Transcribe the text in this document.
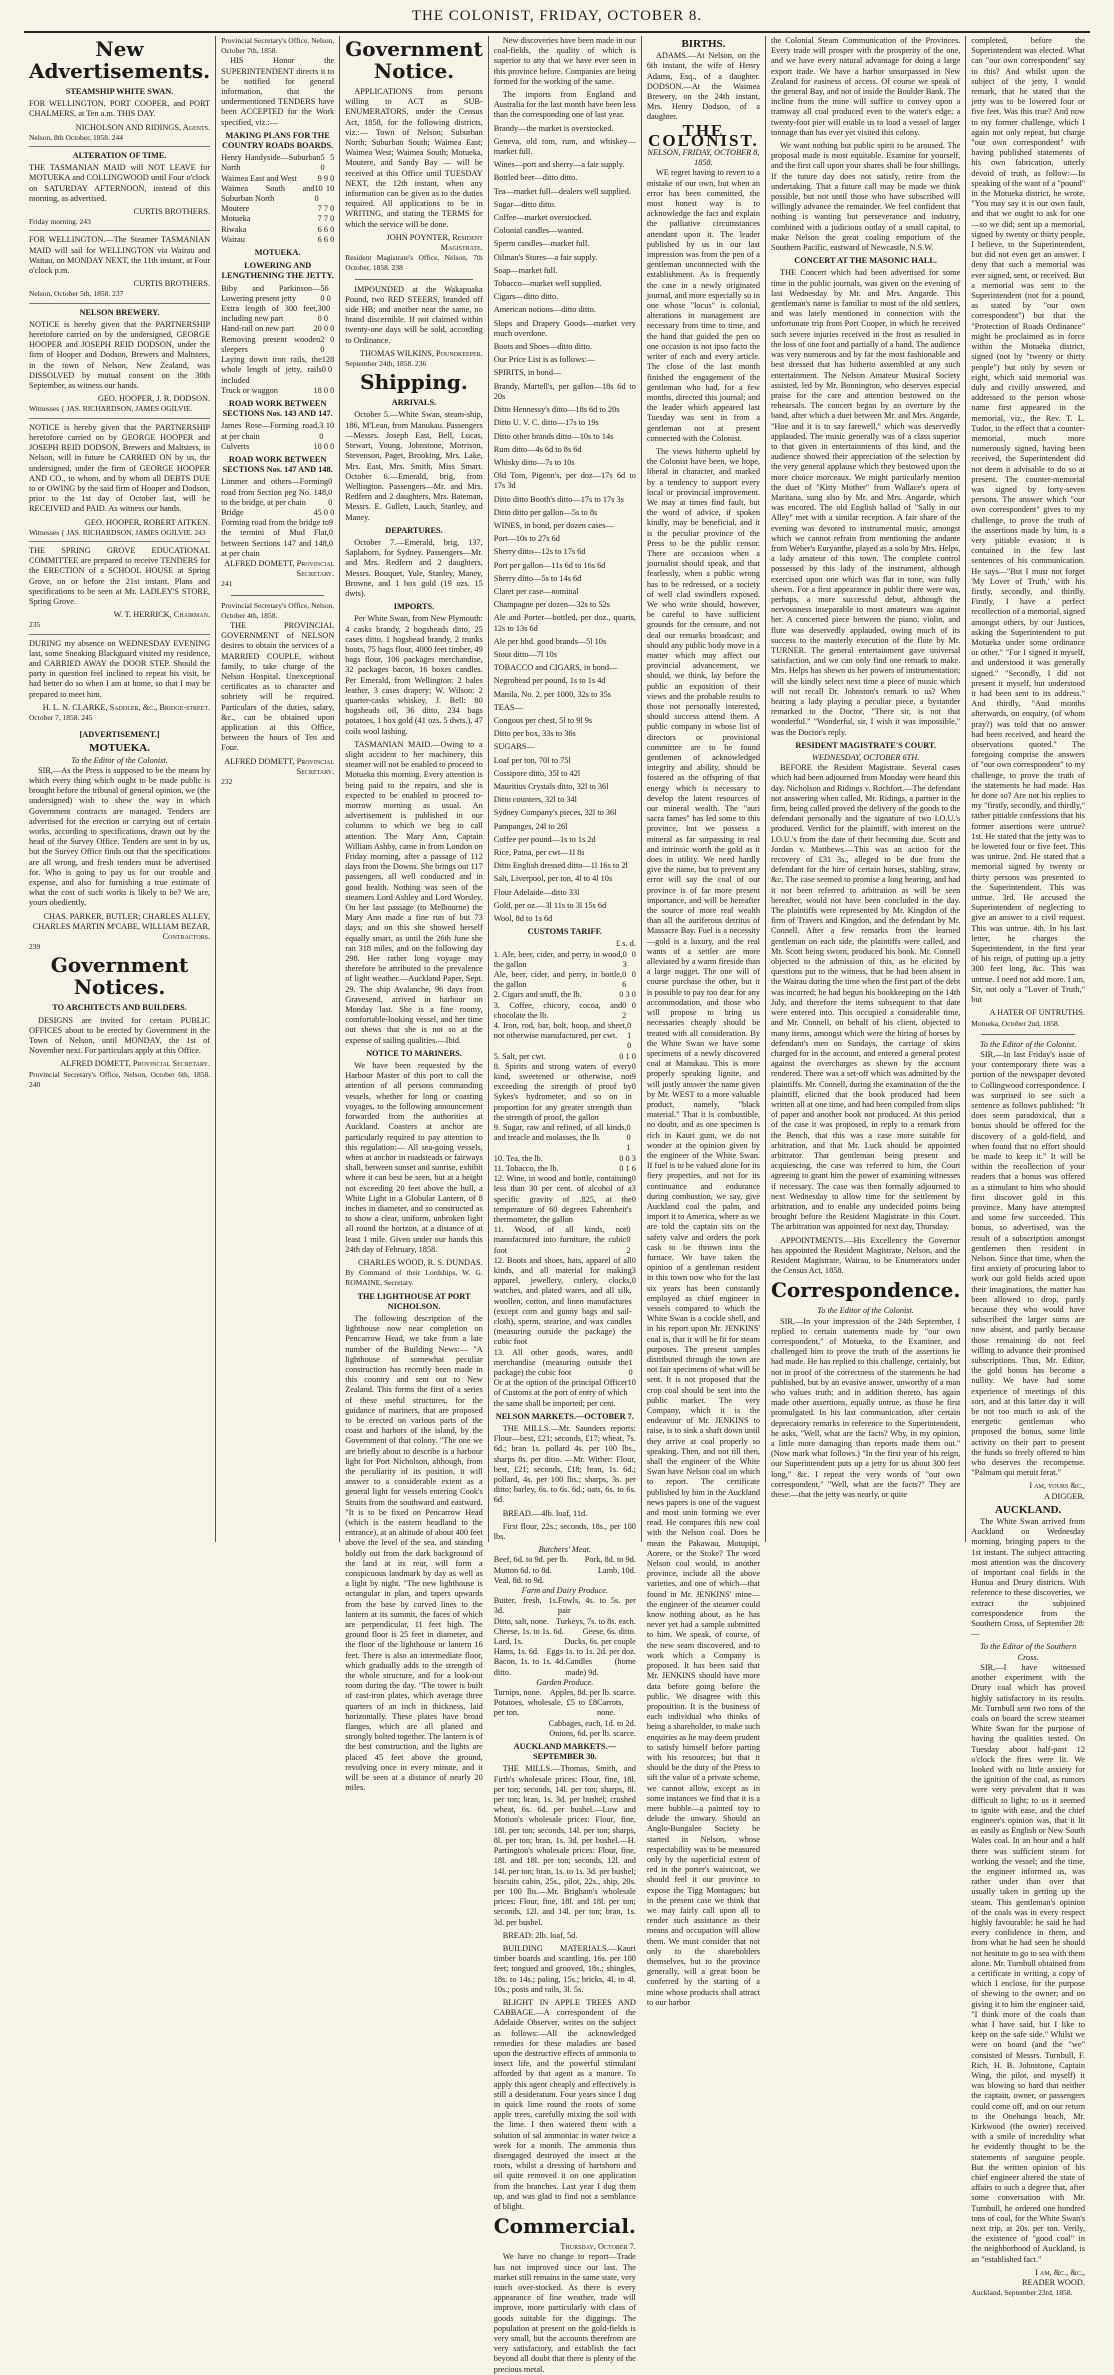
THE COLONIST, FRIDAY, OCTOBER 8.
New Advertisements.
STEAMSHIP WHITE SWAN.
FOR WELLINGTON, PORT COOPER, and PORT CHALMERS, at Ten a.m. THIS DAY.
NICHOLSON AND RIDINGS, Agents.
Nelson, 8th October, 1858. 244
ALTERATION OF TIME.
THE TASMANIAN MAID will NOT LEAVE for MOTUEKA and COLLINGWOOD until Four o'clock on SATURDAY AFTERNOON, instead of this morning, as advertised.
CURTIS BROTHERS.
Friday morning. 243
FOR WELLINGTON.—The Steamer TASMANIAN MAID will sail for WELLINGTON via Wairau and Waitau, on MONDAY NEXT, the 11th instant, at Four o'clock p.m.
CURTIS BROTHERS.
Nelson, October 5th, 1858. 237
NELSON BREWERY.
NOTICE is hereby given that the PARTNERSHIP heretofore carried on by the undersigned, GEORGE HOOPER and JOSEPH REID DODSON, under the firm of Hooper and Dodson, Brewers and Maltsters, in the town of Nelson, New Zealand, was DISSOLVED by mutual consent on the 30th September, as witness our hands.
GEO. HOOPER, J. R. DODSON.
Witnesses { JAS. RICHARDSON, JAMES OGILVIE.
NOTICE is hereby given that the PARTNERSHIP heretofore carried on by GEORGE HOOPER and JOSEPH REID DODSON, Brewers and Maltsters, in Nelson, will in future be CARRIED ON by us, the undersigned, under the firm of GEORGE HOOPER AND CO., to whom, and by whom all DEBTS DUE to or OWING by the said firm of Hooper and Dodson, prior to the 1st day of October last, will be RECEIVED and PAID. As witness our hands.
GEO. HOOPER, ROBERT AITKEN.
Witnesses { JAS. RICHARDSON, JAMES OGILVIE. 243
THE SPRING GROVE EDUCATIONAL COMMITTEE are prepared to receive TENDERS for the ERECTION of a SCHOOL HOUSE at Spring Grove, on or before the 21st instant. Plans and specifications to be seen at Mr. LADLEY'S STORE, Spring Grove.
W. T. HERRICK, Chairman.
235
DURING my absence on WEDNESDAY EVENING last, some Sneaking Blackguard visited my residence, and CARRIED AWAY the DOOR STEP. Should the party in question feel inclined to repeat his visit, he had better do so when I am at home, so that I may be prepared to meet him.
H. L. N. CLARKE, Saddler, &c., Bridge-street.
October 7, 1858. 245
[ADVERTISEMENT.]
MOTUEKA.
To the Editor of the Colonist.
SIR,—As the Press is supposed to be the means by which every thing which ought to be made public is brought before the tribunal of general opinion, we (the undersigned) wish to shew the way in which Government contracts are managed. Tenders are advertised for the erection or carrying out of certain works, according to specifications, drawn out by the head of the Survey Office. Tenders are sent in by us, but the Survey Office finds out that the specifications are all wrong, and fresh tenders must be advertised for. Who is going to pay us for our trouble and expense, and also for furnishing a true estimate of what the cost of such works is likely to be? We are, yours obediently,
CHAS. PARKER, BUTLER; CHARLES ALLEY, CHARLES MARTIN M'CABE, WILLIAM BEZAR, Contractors.
239
Government Notices.
TO ARCHITECTS AND BUILDERS.
DESIGNS are invited for certain PUBLIC OFFICES about to be erected by Government in the Town of Nelson, until MONDAY, the 1st of November next. For particulars apply at this Office.
ALFRED DOMETT, Provincial Secretary.
Provincial Secretary's Office, Nelson, October 6th, 1858. 240
Provincial Secretary's Office, Nelson, October 7th, 1858.
HIS Honor the SUPERINTENDENT directs it to be notified for general information, that the undermentioned TENDERS have been ACCEPTED for the Work specified, viz.:—
MAKING PLANS FOR THE COUNTRY ROADS BOARDS.
Henry Handyside—Suburban North
5 5 0
Waimea East and West	9 9 0
Waimea South and Suburban North
10 10 0
Moutere	7 7 0
Motueka	7 7 0
Riwaka	6 6 0
Wairau	6 6 0
MOTUEKA.
LOWERING AND LENGTHENING THE JETTY.
Biby and Parkinson—Lowering present jetty
56 0 0
Extra length of 300 feet, including new part
300 0 0
Hand-rail on new part 20 0 0
Removing present wooden sleepers
2 0 0
Laying down iron rails, the whole length of jetty, rails included
128 0 0
Truck or waggon	18 0 0
ROAD WORK BETWEEN SECTIONS Nos. 143 AND 147.
James Rose—Forming road, at per chain
3 10 0
Culverts	10 0 0
ROAD WORK BETWEEN SECTIONS Nos. 147 AND 148.
Limmer and others—Forming road from Section peg No. 148, to the bridge, at per chain
0 0 0
Bridge	45 0 0
Forming road from the bridge to the termini of Mud Flat, between Sections 147 and 148, at per chain
9 0 0
ALFRED DOMETT, Provincial Secretary.
241
Provincial Secretary's Office, Nelson, October 4th, 1858.
THE PROVINCIAL GOVERNMENT of NELSON desires to obtain the services of a MARRIED COUPLE, without family, to take charge of the Nelson Hospital. Unexceptional certificates as to character and sobriety will be required. Particulars of the duties, salary, &c., can be obtained upon application at this Office, between the hours of Ten and Four.
ALFRED DOMETT, Provincial Secretary.
232
Government Notice.
APPLICATIONS from persons willing to ACT as SUB-ENUMERATORS, under the Census Act, 1858, for the following districts, viz.:— Town of Nelson; Suburban North; Suburban South; Waimea East; Waimea West; Waimea South; Motueka, Moutere, and Sandy Bay — will be received at this Office until TUESDAY NEXT, the 12th instant, when any information can be given as to the duties required. All applications to be in WRITING, and stating the TERMS for which the service will be done.
JOHN POYNTER, Resident Magistrate.
Resident Magistrate's Office, Nelson, 7th October, 1858. 238
IMPOUNDED at the Wakapuaka Pound, two RED STEERS, branded off side HB; and another near the same, no brand discernible. If not claimed within twenty-one days will be sold, according to Ordinance.
THOMAS WILKINS, Poundkeeper.
September 24th, 1858. 236
Shipping.
ARRIVALS.
October 5.—White Swan, steam-ship, 186, M'Lean, from Manukau. Passengers—Messrs. Joseph East, Bell, Lucas, Stewart, Young, Johnstone, Morrison, Stevenson, Paget, Brooking, Mrs. Lake, Mrs. East, Mrs. Smith, Miss Smart. October 6.—Emerald, brig, from Wellington. Passengers—Mr. and Mrs. Redfern and 2 daughters, Mrs. Bateman, Messrs. E. Gullett, Lauch, Stanley, and Maney.
DEPARTURES.
October 7.—Emerald, brig, 137, Saplaborn, for Sydney. Passengers—Mr. and Mrs. Redfern and 2 daughters, Messrs. Bouquet, Yule, Stanley, Maney, Browne, and 1 box gold (19 ozs. 15 dwts).
IMPORTS.
Per White Swan, from New Plymouth: 4 casks brandy, 2 hogsheads ditto, 25 cases ditto, 1 hogshead brandy, 2 trunks boots, 75 bags flour, 4000 feet timber, 49 bags flour, 106 packages merchandise, 32 packages bacon, 16 boxes candles. Per Emerald, from Wellington: 2 bales leather, 3 cases drapery; W. Wilson: 2 quarter-casks whiskey, J. Bell: 80 hogsheads oil, 36 ditto, 234 bags potatoes, 1 box gold (41 ozs. 5 dwts.), 47 coils wool lashing.
TASMANIAN MAID.—Owing to a slight accident to her machinery, this steamer will not be enabled to proceed to Motueka this morning. Every attention is being paid to the repairs, and she is expected to be enabled to proceed to-morrow morning as usual. An advertisement is published in our columns to which we beg to call attention. The Mary Ann, Captain William Ashby, came in from London on Friday morning, after a passage of 112 days from the Downs. She brings out 117 passengers, all well conducted and in good health. Nothing was seen of the steamers Lord Ashley and Lord Worsley. On her last passage (to Melbourne) the Mary Ann made a fine run of but 73 days; and on this she showed herself equally smart, as until the 26th June she ran 318 miles, and on the following day 298. Her rather long voyage may therefore be attributed to the prevalence of light weather.—Auckland Paper, Sept. 29. The ship Avalanche, 96 days from Gravesend, arrived in harbour on Monday last. She is a fine roomy, comfortable-looking vessel, and her time out shews that she is not so at the expense of sailing qualities.—Ibid.
NOTICE TO MARINERS.
We have been requested by the Harbour Master of this port to call the attention of all persons commanding vessels, whether for long or coasting voyages, to the following announcement forwarded from the authorities at Auckland. Coasters at anchor are particularly required to pay attention to this regulation:— All sea-going vessels, when at anchor in roadsteads or fairways shall, between sunset and sunrise, exhibit where it can best be seen, but at a height not exceeding 20 feet above the hull, a White Light in a Globular Lantern, of 8 inches in diameter, and so constructed as to show a clear, uniform, unbroken light all round the horizon, at a distance of at least 1 mile. Given under our hands this 24th day of February, 1858.
CHARLES WOOD, R. S. DUNDAS.
By Command of their Lordships, W. G. ROMAINE, Secretary.
THE LIGHTHOUSE AT PORT NICHOLSON.
The following description of the lighthouse now near completion on Pencarrow Head, we take from a late number of the Building News:— "A lighthouse of somewhat peculiar construction has recently been made in this country and sent out to New Zealand. This forms the first of a series of these useful structures, for the guidance of mariners, that are proposed to be erected on various parts of the coast and harbors of the island, by the Government of that colony. "The one we are briefly about to describe is a harbour light for Port Nicholson, although, from the peculiarity of its position, it will answer to a considerable extent as a general light for vessels entering Cook's Straits from the southward and eastward. "It is to be fixed on Pencarrow Head (which is the eastern headland to the entrance), at an altitude of about 400 feet above the level of the sea, and standing boldly out from the dark background of the land at its rear, will form a conspicuous landmark by day as well as a light by night. "The new lighthouse is octangular in plan, and tapers upwards from the base by curved lines to the lantern at its summit, the faces of which are perpendicular, 11 feet high. The ground floor is 25 feet in diameter, and the floor of the lighthouse or lantern 16 feet. There is also an intermediate floor, which gradually adds to the strength of the whole structure, and for a look-out room during the day. "The tower is built of cast-iron plates, which average three quarters of an inch in thickness, laid horizontally. These plates have broad flanges, which are all planed and strongly bolted together. The lantern is of the best construction, and the lights are placed 45 feet above the ground, revolving once in every minute, and it will be seen at a distance of nearly 20 miles.
New discoveries have been made in our coal-fields, the quality of which is superior to any that we have ever seen in this province before. Companies are being formed for the working of the same.
The imports from England and Australia for the last month have been less than the corresponding one of last year.
Brandy—the market is overstocked.
Geneva, old tom, rum, and whiskey—market full.
Wines—port and sherry—a fair supply.
Bottled beer—ditto ditto.
Tea—market full—dealers well supplied.
Sugar—ditto ditto.
Coffee—market overstocked.
Colonial candles—wanted.
Sperm candles—market full.
Oilman's Stores—a fair supply.
Soap—market full.
Tobacco—market well supplied.
Cigars—ditto ditto.
American notions—ditto ditto.
Slops and Drapery Goods—market very much overdone.
Boots and Shoes—ditto ditto.
Our Price List is as follows:—
SPIRITS, in bond—
Brandy, Martell's, per gallon—18s 6d to 20s
Ditto Hennessy's ditto—18s 6d to 20s
Ditto U. V. C. ditto—17s to 19s
Ditto other brands ditto—10s to 14s
Rum ditto—4s 6d to 8s 6d
Whisky ditto—7s to 10s
Old Tom, Pigeon's, per doz—17s 6d to 17s 3d
Ditto ditto Booth's ditto—17s to 17s 3s
Ditto ditto per gallon—5s to 8s
WINES, in bond, per dozen cases—
Port—10s to 27s 6d
Sherry ditto—12s to 17s 6d
Port per gallon—11s 6d to 16s 6d
Sherry ditto—5s to 14s 6d
Claret per case—nominal
Champagne per dozen—32s to 52s
Ale and Porter—bottled, per doz., quarts, 12s to 13s 6d
Ale per hhd. good brands—5l 10s
Stout ditto—7l 10s
TOBACCO and CIGARS, in bond—
Negrohead per pound, 1s to 1s 4d
Manila, No. 2, per 1000, 32s to 35s
TEAS—
Congous per chest, 5l to 9l 9s
Ditto per box, 33s to 36s
SUGARS—
Loaf per ton, 70l to 75l
Cossipore ditto, 35l to 42l
Mauritius Crystals ditto, 32l to 36l
Ditto counters, 32l to 34l
Sydney Company's pieces, 32l to 36l
Pampanges, 24l to 26l
Coffee per pound—1s to 1s 2d
Rice, Patna, per cwt—1l 8s
Ditto English dressed ditto—1l 16s to 2l
Salt, Liverpool, per ton, 4l to 4l 10s
Flour Adelaide—ditto 33l
Gold, per oz.—3l 11s to 3l 15s 6d
Wool, 8d to 1s 6d
CUSTOMS TARIFF.
£ s. d.
1. Ale, beer, cider, and perry, in wood, the gallon
0 0 3
Ale, beer, cider, and perry, in bottle, the gallon
0 0 6
2. Cigars and snuff, the lb.	0 3 0
3. Coffee, chicory, cocoa, and chocolate the lb.
0 0 2
4. Iron, rod, bar, bolt, hoop, and sheet, not otherwise manufactured, per cwt.
0 1 0
5. Salt, per cwt.	0 1 0
8. Spirits and strong waters of every kind, sweetened or otherwise, not exceeding the strength of proof by Sykes's hydrometer, and so on in proportion for any greater strength than the strength of proof, the gallon
0 9 0
9. Sugar, raw and refined, of all kinds, and treacle and molasses, the lb.
0 0 1
10. Tea, the lb.	0 0 3
11. Tobacco, the lb.	0 1 6
12. Wine, in wood and bottle, containing less than 30 per cent. of alcohol of a specific gravity of .825, at the temperature of 60 degrees Fahrenheit's thermometer, the gallon
0 3 0
11. Wood, of all kinds, not manufactured into furniture, the cubic foot
0 0 2
12. Boots and shoes, hats, apparel of all kinds, and all material for making apparel, jewellery, cutlery, clocks, watches, and plated wares, and all silk, woollen, cotton, and linen manufactures (except corn and gunny bags and sail-cloth), sperm, stearine, and wax candles (measuring outside the package) the cubic foot
0 3 0
13. All other goods, wares, and merchandise (measuring outside the package) the cubic foot
0 1 0
Or at the option of the principal Officer of Customs at the port of entry of which the same shall be imported; per cent.
10
NELSON MARKETS.—OCTOBER 7.
THE MILLS.—Mr. Saunders reports: Flour—best, £21; seconds, £17; wheat, 7s. 6d.; bran 1s. pollard 4s. per 100 lbs., sharps 8s. per ditto. —Mr. Wither: Flour, best, £21; seconds, £18; bran, 1s. 6d.; pollard, 4s. per 100 lbs.; sharps, 3s. per ditto; barley, 6s. to 6s. 6d.; oats, 6s. to 6s. 6d.
BREAD.—4lb. loaf, 11d.
First flour, 22s.; seconds, 18s., per 100 lbs.
Butchers' Meat.
Beef, 6d. to 9d. per lb. Pork, 8d. to 9d.
Mutton 6d. to 8d.	Lamb, 10d.
Veal, 8d. to 9d.
Farm and Dairy Produce.
Butter, fresh, 1s. 3d.
Fowls, 4s. to 5s. per pair
Ditto, salt, none. Turkeys, 7s. to 8s. each.
Cheese, 1s. to 1s. 6d. Geese, 6s. ditto.
Lard, 1s.	Ducks, 6s. per couple
Hams, 1s. 6d. Eggs 1s. to 1s. 2d. per doz.
Bacon, 1s. to 1s. 4d. ditto.
Candles (home made) 9d.
Garden Produce.
Turnips, none. Apples, 8d. per lb. scarce.
Potatoes, wholesale, £5 to £8 per ton.
Carrots, none.
Cabbages, each, 1d. to 2d.
Onions, 6d. per lb. scarce.
AUCKLAND MARKETS.—SEPTEMBER 30.
THE MILLS.—Thomas, Smith, and Firth's wholesale prices: Flour, fine, 18l. per ton; seconds, 14l. per ton; sharps, 8l. per ton; bran, 1s. 3d. per bushel; crushed wheat, 6s. 6d. per bushel.—Low and Motion's wholesale prices: Flour, fine, 18l. per ton; seconds, 14l. per ton; sharps, 8l. per ton; bran, 1s. 3d. per bushel.—H. Partington's wholesale prices: Flour, fine, 18l. and 18l. per ton; seconds, 12l. and 14l. per ton; bran, 1s. to 1s. 3d. per bushel; biscuits cabin, 25s., pilot, 22s., ship, 20s. per 100 lbs.—Mr. Brigham's wholesale prices: Flour, fine, 18l. and 18l. per ton; seconds, 12l. and 14l. per ton; bran, 1s. 3d. per bushel.
BREAD: 2lb. loaf, 5d.
BUILDING MATERIALS.—Kauri timber boards and scantling, 16s. per 100 feet; tongued and grooved, 18s.; shingles, 18s. to 14s.; paling, 15s.; bricks, 4l. to 4l. 10s.; posts and rails, 3l. 5s.
BLIGHT IN APPLE TREES AND CABBAGE.—A correspondent of the Adelaide Observer, writes on the subject as follows:—All the acknowledged remedies for these maladies are based upon the destructive effects of ammonia to insect life, and the powerful stimulant afforded by that agent as a manure. To apply this agent cheaply and effectively is still a desideratum. Four years since I dug in quick lime round the roots of some apple trees, carefully mixing the soil with the lime. I then watered them with a solution of sal ammoniac in water twice a week for a month. The ammonia thus disengaged destroyed the insect at the roots, whilst a dressing of hartshorn and oil quite removed it on one application from the branches. Last year I dug them up, and was glad to find not a semblance of blight.
Commercial.
Thursday, October 7.
We have no change to report—Trade has not improved since our last. The market still remains in the same state, very much over-stocked. As there is every appearance of fine weather, trade will improve, more particularly with class of goods suitable for the diggings. The population at present on the gold-fields is very small, but the accounts therefrom are very satisfactory, and establish the fact beyond all doubt that there is plenty of the precious metal.
BIRTHS.
ADAMS.—At Nelson, on the 6th instant, the wife of Henry Adams, Esq., of a daughter. DODSON.—At the Waimea Brewery, on the 24th instant, Mrs. Henry Dodson, of a daughter.
THE COLONIST.
NELSON, FRIDAY, OCTOBER 8, 1858.
WE regret having to revert to a mistake of our own, but when an error has been committed, the most honest way is to acknowledge the fact and explain the palliative circumstances attendant upon it. The leader published by us in our last impression was from the pen of a gentleman unconnected with the establishment. As is frequently the case in a newly originated journal, and more especially so in one whose "locus" is colonial, alterations in management are necessary from time to time, and the hand that guided the pen on one occasion is not ipso facto the writer of each and every article. The close of the last month finished the engagement of the gentleman who had, for a few months, directed this journal; and the leader which appeared last Tuesday was sent in from a gentleman not at present connected with the Colonist.
The views hitherto upheld by the Colonist have been, we hope, liberal in character, and marked by a tendency to support every local or provincial improvement. We may at times find fault, but the word of advice, if spoken kindly, may be beneficial, and it is the peculiar province of the Press to be the public censor. There are occasions when a journalist should speak, and that fearlessly, when a public wrong has to be redressed, or a society of well clad swindlers exposed. We who write should, however, be careful to have sufficient grounds for the censure, and not deal our remarks broadcast; and should any public body move in a matter which may affect our provincial advancement, we should, we think, lay before the public an exposition of their views and the probable results to those not personally interested, should success attend them. A public company in whose list of directors or provisional committee are to be found gentlemen of acknowledged integrity and ability, should be fostered as the offspring of that energy which is necessary to develop the latent resources of our mineral wealth. The "auri sacra fames" has led some to this province, but we possess a mineral as far surpassing in real and intrinsic worth the gold as it does in utility. We need hardly give the name, but to prevent any error will say the coal of our province is of far more present importance, and will be hereafter the source of more real wealth than all the auriferous detritus of Massacre Bay. Fuel is a necessity—gold is a luxury, and the real wants of a settler are more alleviated by a warm fireside than a large nugget. The one will of course purchase the other, but it is possible to pay too dear for any accommodation, and those who will propose to bring us necessaries cheaply should be treated with all consideration. By the White Swan we have some specimens of a newly discovered coal at Manukau. This is more properly speaking lignite, and will justly answer the name given by Mr. WEST to a more valuable product, namely, "black material." That it is combustible, no doubt, and as one specimen is rich in Kauri gum, we do not wonder at the opinion given by the engineer of the White Swan. If fuel is to be valued alone for its fiery properties, and not for its continuance and endurance during combustion, we say, give Auckland coal the palm, and import it to America, where as we are told the captain sits on the safety valve and orders the pork cask to be thrown into the furnace. We have taken the opinion of a gentleman resident in this town now who for the last six years has been constantly employed as chief engineer in vessels compared to which the White Swan is a cockle shell, and in his report upon Mr. JENKINS' coal is, that it will be fit for steam purposes. The present samples distributed through the town are not fair specimens of what will be sent. It is not proposed that the crop coal should be sent into the public market. The very Company, which it is the endeavour of Mr. JENKINS to raise, is to sink a shaft down until they arrive at coal properly so speaking. Then, and not till then, shall the engineer of the White Swan have Nelson coal on which to report. The certificate published by him in the Auckland news papers is one of the vaguest and most unin forming we ever read. He compares this new coal with the Nelson coal. Does he mean the Pakawau, Motupipi, Aorere, or the Stoke? The word Nelson coal would, to another province, include all the above varieties, and one of which—that found in Mr. JENKINS' mine—the engineer of the steamer could know nothing about, as he has never yet had a sample submitted to him. We speak, of course, of the new seam discovered, and to work which a Company is proposed. It has been said that Mr. JENKINS should have more data before going before the public. We disagree with this proposition. It is the business of each individual who thinks of being a shareholder, to make such enquiries as he may deem prudent to satisfy himself before parting with his resources; but that it should be the duty of the Press to sift the value of a private scheme, we cannot allow, except as in some instances we find that it is a mere bubble—a painted toy to delude the unwary. Should an Anglo-Bungalee Society be started in Nelson, whose respectability was to be measured only by the superficial extent of red in the porter's waistcoat, we should feel it our province to expose the Tigg Montagues; but in the present case we think that we may fairly call upon all to render such assistance as their means and occupation will allow them. We must consider that not only to the shareholders themselves, but to the province generally, will a great boon be conferred by the starting of a mine whose products shall attract to our harbor
the Colonial Steam Communication of the Provinces. Every trade will prosper with the prosperity of the one, and we have every natural advantage for doing a large export trade. We have a harbor unsurpassed in New Zealand for easiness of access. Of course we speak of the general Bay, and not of inside the Boulder Bank. The incline from the mine will suffice to convey upon a tramway all coal produced even to the water's edge; a twenty-foot pier will enable us to load a vessel of larger tonnage than has ever yet visited this colony.
We want nothing but public spirit to be aroused. The proposal made is most equitable. Examine for yourself, and the first call upon your shares shall be four shillings. If the tuture day does not satisfy, retire from the undertaking. That a future call may be made we think possible, but not until those who have subscribed will willingly advance the remainder. We feel confident that nothing is wanting but perseverance and industry, combined with a judicious outlay of a small capital, to make Nelson the great coaling emporium of the Southern Pacific, eastward of Newcastle, N.S.W.
CONCERT AT THE MASONIC HALL.
THE Concert which had been advertised for some time in the public journals, was given on the evening of last Wednesday by Mr. and Mrs. Angarde. This gentleman's name is familiar to most of the old settlers, and was lately mentioned in connection with the unfortunate trip from Port Cooper, in which he received such severe injuries received in the frost as resulted in the loss of one foot and partially of a hand. The audience was very numerous and by far the most fashionable and best dressed that has hitherto assembled at any such entertainment. The Nelson Amateur Musical Society assisted, led by Mr. Bonnington, who deserves especial praise for the care and attention bestowed on the rehearsals. The concert began by an overture by the band, after which a duet between Mr. and Mrs. Angarde, "Hoe and it is to say farewell," which was deservedly applauded. The music generally was of a class superior to that given in entertainments of this kind, and the audience showed their appreciation of the selection by the very general applause which they bestowed upon the more choice morceaux. We might particularly mention the duet of "Kitty Mother" from Wallace's opera of Maritana, sung also by Mr. and Mrs. Angarde, which was encored. The old English ballad of "Sally in our Alley" met with a similar reception. A fair share of the evening was devoted to instrumental music, amongst which we cannot refrain from mentioning the andante from Weber's Euryanthe, played as a solo by Mrs. Helps, a lady amateur of this town. The complete control possessed by this lady of the instrument, although exercised upon one which was flat in tone, was fully shewn. For a first appearance in public there were was, perhaps, a more successful debut, although the nervousness inseparable to most amateurs was against her. A concerted piece between the piano, violin, and flute was deservedly applauded, owing much of its success to the masterly execution of the flute by Mr. TURNER. The general entertainment gave universal satisfaction, and we can only find one remark to make. Mrs. Helps has shewn us her powers of instrumentation; will she kindly select next time a piece of music which will not recall Dr. Johnston's remark to us? When hearing a lady playing a peculiar piece, a bystander remarked to the Doctor, "There sir, is not that wonderful." "Wonderful, sir, I wish it was impossible," was the Doctor's reply.
RESIDENT MAGISTRATE'S COURT.
WEDNESDAY, OCTOBER 6TH.
BEFORE the Resident Magistrate. Several cases which had been adjourned from Monday were heard this day. Nicholson and Ridings v. Rochfort.—The defendant not answering when called, Mr. Ridings, a partner in the firm, being called proved the delivery of the goods to the defendant personally and the signature of two I.O.U.'s produced. Verdict for the plaintiff, with interest on the I.O.U.'s from the date of their becoming due. Scott and Jordan v. Matthews.—This was an action for the recovery of £31 3s., alleged to be due from the defendant for the hire of certain horses, stabling, straw, &c. The case seemed to promise a long hearing, and had it not been referred to arbitration as will be seen hereafter, would not have been concluded in the day. The plaintiffs were represented by Mr. Kingdon of the firm of Travers and Kingdon, and the defendant by Mr. Connell. After a few remarks from the learned gentleman on each side, the plaintiffs were called, and Mr. Scott being sworn, produced his book. Mr. Connell objected to the admission of this, as he elicited by questions put to the witness, that he had been absent in the Wairau during the time when the first part of the debt was incurred; he had begun his bookkeeping on the 14th July, and therefore the items subsequent to that date were entered into. This occupied a considerable time, and Mr. Connell, on behalf of his client, objected to many items, amongst which were the hiring of horses by defendant's men on Sundays, the carriage of skins charged for in the account, and entered a general protest against the overcharges as shewn by the account rendered. There was a set-off which was admitted by the plaintiffs. Mr. Connell, during the examination of the the plaintiff, elicited that the book produced had been written all at one time, and had been compiled from slips of paper and another book not produced. At this period of the case it was proposed, in reply to a remark from the Bench, that this was a case more suitable for arbitration, and that Mr. Luck should be appointed arbitrator. That gentleman being present and acquiescing, the case was referred to him, the Court agreeing to grant him the power of examining witnesses if necessary. The case was then formally adjourned to next Wednesday to allow time for the settlement by arbitration, and to enable any undecided points being brought before the Resident Magistrate in this Court. The arbitration was appointed for next day, Thursday.
APPOINTMENTS.—His Excellency the Governor has appointed the Resident Magistrate, Nelson, and the Resident Magistrate, Wairau, to be Enumerators under the Census Act, 1858.
Correspondence.
To the Editor of the Colonist.
SIR,—In your impression of the 24th September, I replied to certain statements made by "our own correspondent," of Motueka, to the Examiner, and challenged him to prove the truth of the assertions he had made. He has replied to this challenge, certainly, but not in proof of the correctness of the statements he had published, but by an evasive answer, unworthy of a man who values truth; and in addition thereto, has again made other assertions, equally untrue, as those he first promulgated. In his last communication, after certain deprecatory remarks in reference to the Superintendent, he asks, "Well, what are the facts? Why, in my opinion, a little more damaging than reports made them out." (Now mark what follows.) "In the first year of his reign, our Superintendent puts up a jetty for us about 300 feet long," &c. I repeat the very words of "our own correspondent," "Well, what are the facts?" They are these:—that the jetty was nearly, or quite
completed, before the Superintendent was elected. What can "our own correspondent" say to this? And whilst upon the subject of the jetty, I would remark, that he stated that the jetty was to be lowered four or five feet. Was this true? And now to my former challenge, which I again not only repeat, but charge "our own correspondent" with having published statements of his own fabrication, utterly devoid of truth, as follow:—In speaking of the want of a "pound" in the Motueka district, he wrote, "You may say it is our own fault, and that we ought to ask for one—so we did; sent up a memorial, signed by twenty or thirty people, I believe, to the Superintendent, but did not even get an answer. I deny that such a memorial was ever signed, sent, or received. But a memorial was sent to the Superintendent (not for a pound, as stated by "our own correspondent") but that the "Protection of Roads Ordinance" might be proclaimed as in force within the Motueka district, signed (not by "twenty or thirty people") but only by seven or eight, which said memorial was duly and civilly answered, and addressed to the person whose name first appeared in the memorial, viz., the Rev. T. L. Tudor, to the effect that a counter-memorial, much more numerously signed, having been received, the Superintendent did not deem it advisable to do so at present. The counter-memorial was signed by forty-seven persons. The answer which "our own correspondent" gives to my challenge, to prove the truth of the assertions made by him, is a very pitiable evasion; it is contained in the few last sentences of his communication. He says—"But I must not forget 'My Lover of Truth,' with his firstly, secondly, and thirdly. Firstly, I have a perfect recollection of a memorial, signed amongst others, by our Justices, asking the Superintendent to put Motueka under some ordinance or other." "For I signed it myself, and understood it was generally signed." "Secondly, I did not present it myself, but understood it had been sent to its address." And thirdly, "And months afterwards, on enquiry, (of whom pray?) was told that no answer had been received, and heard the observations quoted." The foregoing comprise the answers of "our own correspondent" to my challenge, to prove the truth of the statements he had made. Has he done so? Are not his replies to my "firstly, secondly, and thirdly," rather pitiable confessions that his former assertions were untrue? 1st. He stated that the jetty was to be lowered four or five feet. This was untrue. 2nd. He stated that a memorial signed by twenty or thirty persons was presented to the Superintendent. This was untrue. 3rd. He accused the Superintendent of neglecting to give an answer to a civil request. This was untrue. 4th. In his last letter, he charges the Superintendent, in the first year of his reign, of putting up a jetty 300 feet long, &c. This was untrue. I need not add more. I am, Sir, not only a "Lover of Truth," but
A HATER OF UNTRUTHS.
Motueka, October 2nd, 1858.
To the Editor of the Colonist.
SIR,—In last Friday's issue of your contemporary there was a portion of the newspaper devoted to Collingwood correspondence. I was surprised to see such a sentence as follows published: "It does seem paradoxical, that a bonus should be offered for the discovery of a gold-field, and when found that no effort should be made to keep it." It will be within the recollection of your readers that a bonus was offered as a stimulant to him who should first discover gold in this province. Many have attempted and some few succeeded. This bonus, so advertised, was the result of a subscription amongst gentlemen then resident in Nelson. Since that time, when the first anxiety of procuring labor to work our gold fields acted upon their imaginations, the matter has been allowed to drop, partly because they who would have subscribed the larger sums are now absent, and partly because those remaining do not feel willing to advance their promised subscriptions. Thus, Mr. Editor, the gold bonus has become a nullity. We have had some experience of meetings of this sort, and at this latter day it will be not too much to ask of the energetic gentleman who proposed the bonus, some little activity on their part to present the funds so freely offered to him who deserves the recompense. "Palmam qui meruit ferat."
I am, yours &c.,
A DIGGER.
AUCKLAND.
The White Swan arrived from Auckland on Wednesday morning, bringing papers to the 1st instant. The subject attracting most attention was the discovery of important coal fields in the Hunua and Drury districts. With reference to these discoveries, we extract the subjoined correspondence from the Southern Cross, of September 28:—
To the Editor of the Southern Cross.
SIR,—I have witnessed another experiment with the Drury coal which has proved highly satisfactory in its results. Mr. Turnbull sent two tons of the coals on board the screw steamer White Swan for the purpose of having the qualities tested. On Tuesday about half-past 12 o'clock the fires were lit. We looked with no little anxiety for the ignition of the coal, as rumors were very prevalent that it was difficult to light; to us it seemed to ignite with ease, and the chief engineer's opinion was, that it lit as easily as English or New South Wales coal. In an hour and a half there was sufficient steam for working the vessel; and the time, the engineer informed us, was rather under than over that usually taken in getting up the steam. This gentleman's opinion of the coals was in every respect highly favourable: he said he had every confidence in them, and from what he had seen he should not hesitate to go to sea with them alone. Mr. Turnbull obtained from a certificate in writing, a copy of which I enclose, for the purpose of shewing to the owner; and on giving it to him the engineer said, "I think more of the coals than what I have said, but I like to keep on the safe side." Whilst we were on board (and the "we" consisted of Messrs. Turnbull, F. Rich, H. B. Johnstone, Captain Wing, the pilot, and myself) it was blowing so hard that neither the captain, owner, or passengers could come off, and on our return to the Onehunga beach, Mr. Kirkwood (the owner) received with a smile of incredulity what he evidently thought to be the statements of sanguine people. But the written opinion of his chief engineer altered the state of affairs to such a degree that, after some conversation with Mr. Turnbull, he ordered one hundred tons of coal, for the White Swan's next trip, at 20s. per ton. Verily, the existence of "good coal" in the neighborhood of Auckland, is an "established fact."
I am, &c., &c.,
READER WOOD.
Auckland, September 23rd, 1858.
